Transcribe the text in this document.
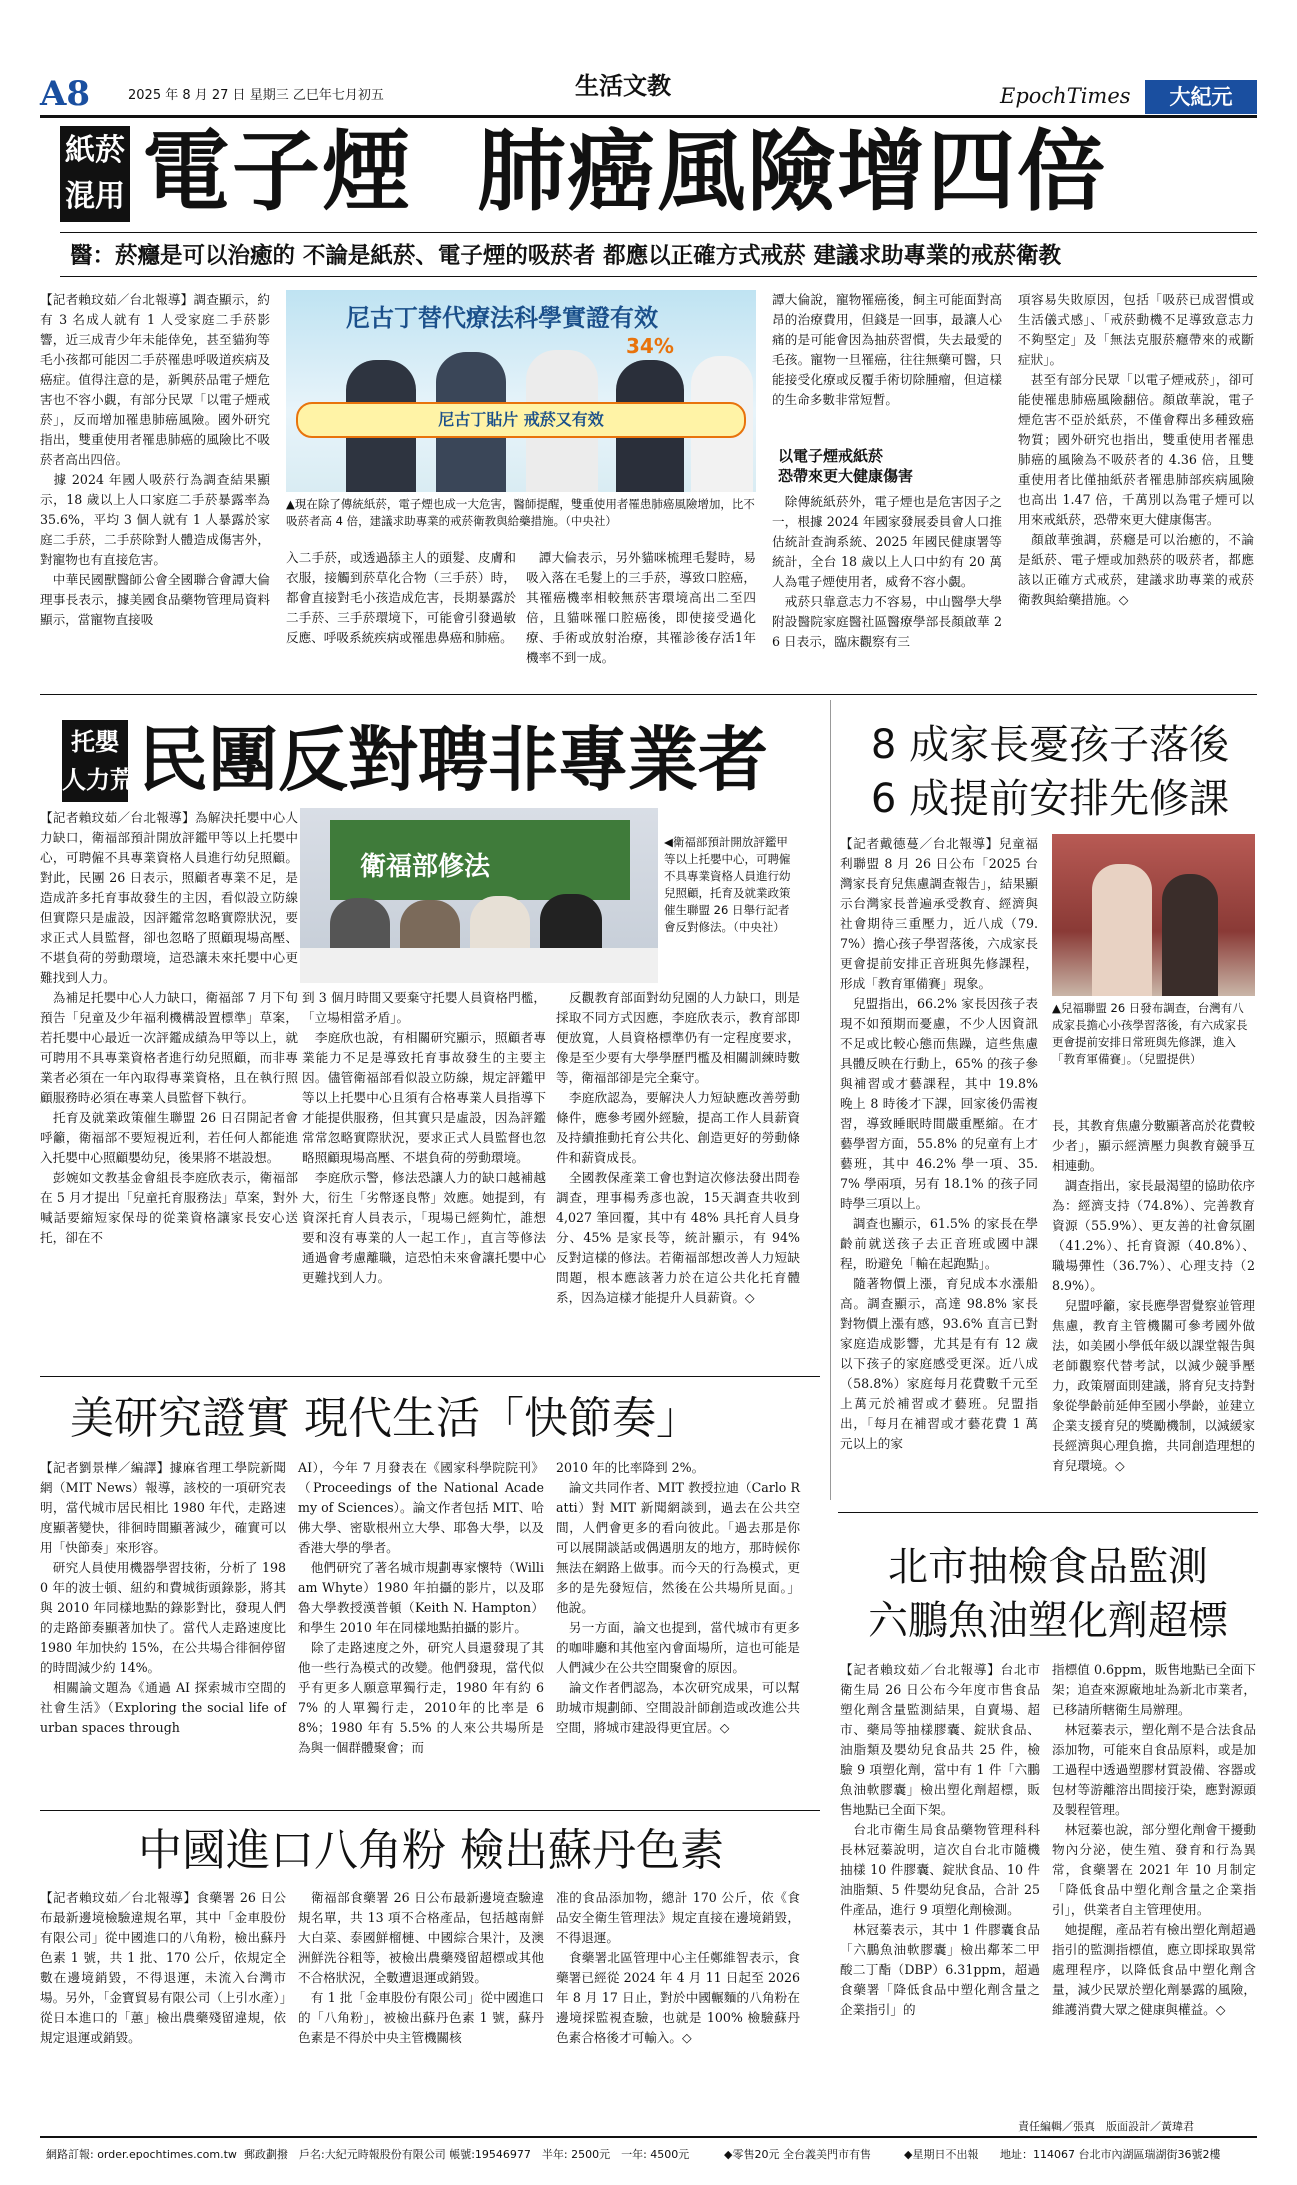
A8	2025 年 8 月 27 日 星期三 乙巳年七月初五	生活文教	EpochTimes	大紀元
紙菸
混用 電子煙  肺癌風險增四倍
醫：菸癮是可以治癒的 不論是紙菸、電子煙的吸菸者 都應以正確方式戒菸 建議求助專業的戒菸衛教
【記者賴玟茹／台北報導】調查顯示，約有 3 名成人就有 1 人受家庭二手菸影響，近三成青少年未能倖免，甚至貓狗等毛小孩都可能因二手菸罹患呼吸道疾病及癌症。值得注意的是，新興菸品電子煙危害也不容小覷，有部分民眾「以電子煙戒菸」，反而增加罹患肺癌風險。國外研究指出，雙重使用者罹患肺癌的風險比不吸菸者高出四倍。
　據 2024 年國人吸菸行為調查結果顯示，18 歲以上人口家庭二手菸暴露率為 35.6%，平均 3 個人就有 1 人暴露於家庭二手菸，二手菸除對人體造成傷害外，對寵物也有直接危害。
　中華民國獸醫師公會全國聯合會譚大倫理事長表示，據美國食品藥物管理局資料顯示，當寵物直接吸
尼古丁替代療法科學實證有效
34%
尼古丁貼片 戒菸又有效
▲現在除了傳統紙菸，電子煙也成一大危害，醫師提醒，雙重使用者罹患肺癌風險增加，比不吸菸者高 4 倍，建議求助專業的戒菸衛教與給藥措施。（中央社）
入二手菸，或透過舔主人的頭髮、皮膚和衣服，接觸到菸草化合物（三手菸）時，都會直接對毛小孩造成危害，長期暴露於二手菸、三手菸環境下，可能會引發過敏反應、呼吸系統疾病或罹患鼻癌和肺癌。
　譚大倫表示，另外貓咪梳理毛髮時，易吸入落在毛髮上的三手菸，導致口腔癌，其罹癌機率相較無菸害環境高出二至四倍，且貓咪罹口腔癌後，即使接受過化療、手術或放射治療，其罹診後存活1年機率不到一成。
譚大倫說，寵物罹癌後，飼主可能面對高昂的治療費用，但錢是一回事，最讓人心痛的是可能會因為抽菸習慣，失去最愛的毛孩。寵物一旦罹癌，往往無藥可醫，只能接受化療或反覆手術切除腫瘤，但這樣的生命多數非常短暫。
以電子煙戒紙菸
恐帶來更大健康傷害
　除傳統紙菸外，電子煙也是危害因子之一，根據 2024 年國家發展委員會人口推估統計查詢系統、2025 年國民健康署等統計，全台 18 歲以上人口中約有 20 萬人為電子煙使用者，威脅不容小覷。
　戒菸只靠意志力不容易，中山醫學大學附設醫院家庭醫社區醫療學部長顏啟華 26 日表示，臨床觀察有三
項容易失敗原因，包括「吸菸已成習慣或生活儀式感」、「戒菸動機不足導致意志力不夠堅定」及「無法克服菸癮帶來的戒斷症狀」。
　甚至有部分民眾「以電子煙戒菸」，卻可能使罹患肺癌風險翻倍。顏啟華說，電子煙危害不亞於紙菸，不僅會釋出多種致癌物質；國外研究也指出，雙重使用者罹患肺癌的風險為不吸菸者的 4.36 倍，且雙重使用者比僅抽紙菸者罹患肺部疾病風險也高出 1.47 倍，千萬別以為電子煙可以用來戒紙菸，恐帶來更大健康傷害。
　顏啟華強調，菸癮是可以治癒的，不論是紙菸、電子煙或加熱菸的吸菸者，都應該以正確方式戒菸，建議求助專業的戒菸衛教與給藥措施。◇
托嬰
人力荒 民團反對聘非專業者
【記者賴玟茹／台北報導】為解決托嬰中心人力缺口，衛福部預計開放評鑑甲等以上托嬰中心，可聘僱不具專業資格人員進行幼兒照顧。對此，民團 26 日表示，照顧者專業不足，是造成許多托育事故發生的主因，看似設立防線但實際只是虛設，因評鑑常忽略實際狀況，要求正式人員監督，卻也忽略了照顧現場高壓、不堪負荷的勞動環境，這恐讓未來托嬰中心更難找到人力。
　為補足托嬰中心人力缺口，衛福部 7 月下旬預告「兒童及少年福利機構設置標準」草案，若托嬰中心最近一次評鑑成績為甲等以上，就可聘用不具專業資格者進行幼兒照顧，而非專業者必須在一年內取得專業資格，且在執行照顧服務時必須在專業人員監督下執行。
　托育及就業政策催生聯盟 26 日召開記者會呼籲，衛福部不要短視近利，若任何人都能進入托嬰中心照顧嬰幼兒，後果將不堪設想。
　彭婉如文教基金會組長李庭欣表示，衛福部在 5 月才提出「兒童托育服務法」草案，對外喊話要縮短家保母的從業資格讓家長安心送托，卻在不
衛福部修法
◀衛福部預計開放評鑑甲等以上托嬰中心，可聘僱不具專業資格人員進行幼兒照顧，托育及就業政策催生聯盟 26 日舉行記者會反對修法。（中央社）
到 3 個月時間又要棄守托嬰人員資格門檻，「立場相當矛盾」。
　李庭欣也說，有相關研究顯示，照顧者專業能力不足是導致托育事故發生的主要主因。儘管衛福部看似設立防線，規定評鑑甲等以上托嬰中心且須有合格專業人員指導下才能提供服務，但其實只是虛設，因為評鑑常常忽略實際狀況，要求正式人員監督也忽略照顧現場高壓、不堪負荷的勞動環境。
　李庭欣示警，修法恐讓人力的缺口越補越大，衍生「劣幣逐良幣」效應。她提到，有資深托育人員表示，「現場已經夠忙，誰想要和沒有專業的人一起工作」，直言等修法通過會考慮離職，這恐怕未來會讓托嬰中心更難找到人力。
　反觀教育部面對幼兒園的人力缺口，則是採取不同方式因應，李庭欣表示，教育部即便放寬，人員資格標準仍有一定程度要求，像是至少要有大學學歷門檻及相關訓練時數等，衛福部卻是完全棄守。
　李庭欣認為，要解決人力短缺應改善勞動條件，應參考國外經驗，提高工作人員薪資及持續推動托育公共化、創造更好的勞動條件和薪資成長。
　全國教保產業工會也對這次修法發出問卷調查，理事楊秀彥也說，15天調查共收到 4,027 筆回覆，其中有 48% 具托育人員身分、45% 是家長等，統計顯示，有 94% 反對這樣的修法。若衛福部想改善人力短缺問題，根本應該著力於在這公共化托育體系，因為這樣才能提升人員薪資。◇
8 成家長憂孩子落後
6 成提前安排先修課
【記者戴德蔓／台北報導】兒童福利聯盟 8 月 26 日公布「2025 台灣家長育兒焦慮調查報告」，結果顯示台灣家長普遍承受教育、經濟與社會期待三重壓力，近八成（79.7%）擔心孩子學習落後，六成家長更會提前安排正音班與先修課程，形成「教育軍備賽」現象。
　兒盟指出，66.2% 家長因孩子表現不如預期而憂慮，不少人因資訊不足或比較心態而焦躁，這些焦慮具體反映在行動上，65% 的孩子參與補習或才藝課程，其中 19.8% 晚上 8 時後才下課，回家後仍需複習，導致睡眠時間嚴重壓縮。在才藝學習方面，55.8% 的兒童有上才藝班，其中 46.2% 學一項、35.7% 學兩項，另有 18.1% 的孩子同時學三項以上。
　調查也顯示，61.5% 的家長在學齡前就送孩子去正音班或國中課程，盼避免「輸在起跑點」。
　隨著物價上漲，育兒成本水漲船高。調查顯示，高達 98.8% 家長對物價上漲有感，93.6% 直言已對家庭造成影響，尤其是有有 12 歲以下孩子的家庭感受更深。近八成（58.8%）家庭每月花費數千元至上萬元於補習或才藝班。兒盟指出，「每月在補習或才藝花費 1 萬元以上的家
▲兒福聯盟 26 日發布調查，台灣有八成家長擔心小孩學習落後，有六成家長更會提前安排日常班與先修課，進入「教育軍備賽」。（兒盟提供）
長，其教育焦慮分數顯著高於花費較少者」，顯示經濟壓力與教育競爭互相連動。
　調查指出，家長最渴望的協助依序為：經濟支持（74.8%）、完善教育資源（55.9%）、更友善的社會氛圍（41.2%）、托育資源（40.8%）、職場彈性（36.7%）、心理支持（28.9%）。
　兒盟呼籲，家長應學習覺察並管理焦慮，教育主管機關可參考國外做法，如美國小學低年級以課堂報告與老師觀察代替考試，以減少競爭壓力，政策層面則建議，將育兒支持對象從學齡前延伸至國小學齡，並建立企業支援育兒的獎勵機制，以減緩家長經濟與心理負擔，共同創造理想的育兒環境。◇
美研究證實 現代生活「快節奏」
【記者劉景樺／編譯】據麻省理工學院新聞網（MIT News）報導，該校的一項研究表明，當代城市居民相比 1980 年代，走路速度顯著變快，徘徊時間顯著減少，確實可以用「快節奏」來形容。
　研究人員使用機器學習技術，分析了 1980 年的波士頓、紐約和費城街頭錄影，將其與 2010 年同樣地點的錄影對比，發現人們的走路節奏顯著加快了。當代人走路速度比 1980 年加快約 15%，在公共場合徘徊停留的時間減少約 14%。
　相關論文題為《通過 AI 探索城市空間的社會生活》（Exploring the social life of urban spaces through
AI），今年 7 月發表在《國家科學院院刊》（Proceedings of the National Academy of Sciences）。論文作者包括 MIT、哈佛大學、密歇根州立大學、耶魯大學，以及香港大學的學者。
　他們研究了著名城市規劃專家懷特（William Whyte）1980 年拍攝的影片，以及耶魯大學教授漢普頓（Keith N. Hampton）和學生 2010 年在同樣地點拍攝的影片。
　除了走路速度之外，研究人員還發現了其他一些行為模式的改變。他們發現，當代似乎有更多人願意單獨行走，1980 年有約 67% 的人單獨行走，2010年的比率是 68%；1980 年有 5.5% 的人來公共場所是為與一個群體聚會；而
2010 年的比率降到 2%。
　論文共同作者、MIT 教授拉迪（Carlo Ratti）對 MIT 新聞網談到，過去在公共空間，人們會更多的看向彼此。「過去那是你可以展開談話或偶遇朋友的地方，那時候你無法在網路上做事。而今天的行為模式，更多的是先發短信，然後在公共場所見面。」他說。
　另一方面，論文也提到，當代城市有更多的咖啡廳和其他室內會面場所，這也可能是人們減少在公共空間聚會的原因。
　論文作者們認為，本次研究成果，可以幫助城市規劃師、空間設計師創造或改進公共空間，將城市建設得更宜居。◇
北市抽檢食品監測
六鵬魚油塑化劑超標
【記者賴玟茹／台北報導】台北市衛生局 26 日公布今年度市售食品塑化劑含量監測結果，自賣場、超市、藥局等抽樣膠囊、錠狀食品、油脂類及嬰幼兒食品共 25 件，檢驗 9 項塑化劑，當中有 1 件「六鵬魚油軟膠囊」檢出塑化劑超標，販售地點已全面下架。
　台北市衛生局食品藥物管理科科長林冠蓁說明，這次自台北市隨機抽樣 10 件膠囊、錠狀食品、10 件油脂類、5 件嬰幼兒食品，合計 25 件產品，進行 9 項塑化劑檢測。
　林冠蓁表示，其中 1 件膠囊食品「六鵬魚油軟膠囊」檢出鄰苯二甲酸二丁酯（DBP）6.31ppm，超過食藥署「降低食品中塑化劑含量之企業指引」的
指標值 0.6ppm，販售地點已全面下架；追查來源廠地址為新北市業者，已移請所轄衛生局辦理。
　林冠蓁表示，塑化劑不是合法食品添加物，可能來自食品原料，或是加工過程中透過塑膠材質設備、容器或包材等游離溶出間接汙染，應對源頭及製程管理。
　林冠蓁也說，部分塑化劑會干擾動物內分泌，使生殖、發育和行為異常，食藥署在 2021 年 10 月制定「降低食品中塑化劑含量之企業指引」，供業者自主管理使用。
　她提醒，產品若有檢出塑化劑超過指引的監測指標值，應立即採取異常處理程序，以降低食品中塑化劑含量，減少民眾於塑化劑暴露的風險，維護消費大眾之健康與權益。◇
中國進口八角粉 檢出蘇丹色素
【記者賴玟茹／台北報導】食藥署 26 日公布最新邊境檢驗違規名單，其中「金車股份有限公司」從中國進口的八角粉，檢出蘇丹色素 1 號，共 1 批、170 公斤，依規定全數在邊境銷毀，不得退運，未流入台灣市場。另外，「金寶貿易有限公司（上引水產）」從日本進口的「蕙」檢出農藥殘留違規，依規定退運或銷毀。
　衛福部食藥署 26 日公布最新邊境查驗違規名單，共 13 項不合格產品，包括越南鮮大白菜、泰國鮮榴槤、中國綜合果汁，及澳洲鮮洗谷粗等，被檢出農藥殘留超標或其他不合格狀況，全數遭退運或銷毀。
　有 1 批「金車股份有限公司」從中國進口的「八角粉」，被檢出蘇丹色素 1 號，蘇丹色素是不得於中央主管機關核
准的食品添加物，總計 170 公斤，依《食品安全衛生管理法》規定直接在邊境銷毀，不得退運。
　食藥署北區管理中心主任鄭維智表示，食藥署已經從 2024 年 4 月 11 日起至 2026 年 8 月 17 日止，對於中國輾麵的八角粉在邊境採監視查驗，也就是 100% 檢驗蘇丹色素合格後才可輸入。◇
責任編輯／張真　版面設計／黃瑋君
網路訂報: order.epochtimes.com.tw 郵政劃撥　戶名:大紀元時報股份有限公司 帳號:19546977　半年: 2500元　一年: 4500元	◆零售20元 全台義美門市有售	◆星期日不出報 地址：114067 台北市內湖區瑞湖街36號2樓
